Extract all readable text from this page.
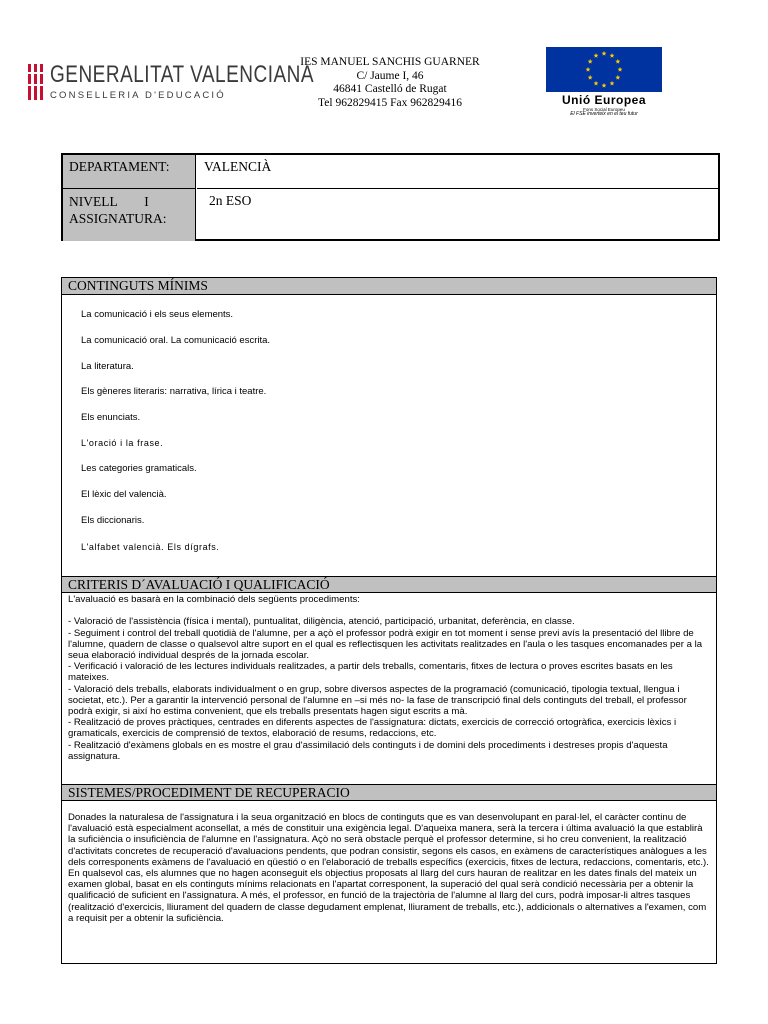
GENERALITAT VALENCIANA
CONSELLERIA D'EDUCACIÓ
IES MANUEL SANCHIS GUARNER
C/ Jaume I, 46
46841 Castelló de Rugat
Tel 962829415 Fax 962829416	Unió Europea
Fons Social Europeu
El FSE inverteix en el teu futur
DEPARTAMENT:	VALENCIÀ
NIVELL        I
ASSIGNATURA:
2n ESO
CONTINGUTS MÍNIMS
La comunicació i els seus elements.
La comunicació oral. La comunicació escrita.
La literatura.
Els gèneres literaris: narrativa, lírica i teatre.
Els enunciats.
L'oració i la frase.
Les categories gramaticals.
El lèxic del valencià.
Els diccionaris.
L'alfabet valencià. Els dígrafs.
CRITERIS D´AVALUACIÓ I QUALIFICACIÓ

L'avaluació es basarà en la combinació dels següents procediments:

- Valoració de l'assistència (física i mental), puntualitat, diligència, atenció, participació, urbanitat, deferència, en classe.

- Seguiment i control del treball quotidià de l'alumne, per a açò el professor podrà exigir en tot moment i sense previ avís la presentació del llibre de l'alumne, quadern de classe o qualsevol altre suport en el qual es reflectisquen les activitats realitzades en l'aula o les tasques encomanades per a la seua elaboració individual després de la jornada escolar.

- Verificació i valoració de les lectures individuals realitzades, a partir dels treballs, comentaris, fitxes de lectura o proves escrites basats en les mateixes.

- Valoració dels treballs, elaborats individualment o en grup, sobre diversos aspectes de la programació (comunicació, tipologia textual, llengua i societat, etc.). Per a garantir la intervenció personal de l'alumne en –si més no- la fase de transcripció final dels continguts del treball, el professor podrà exigir, si així ho estima convenient, que els treballs presentats hagen sigut escrits a mà.

- Realització de proves pràctiques, centrades en diferents aspectes de l'assignatura: dictats, exercicis de correcció ortogràfica, exercicis lèxics i gramaticals, exercicis de comprensió de textos, elaboració de resums, redaccions, etc.

- Realització d'exàmens globals en es mostre el grau d'assimilació dels continguts i de domini dels procediments i destreses propis d'aquesta assignatura.

SISTEMES/PROCEDIMENT DE RECUPERACIO

Donades la naturalesa de l'assignatura i la seua organització en blocs de continguts que es van desenvolupant en paral·lel, el caràcter continu de l'avaluació està especialment aconsellat, a més de constituir una exigència legal. D'aqueixa manera, serà la tercera i última avaluació la que establirà la suficiència o insuficiència de l'alumne en l'assignatura. Açò no serà obstacle perquè el professor determine, si ho creu convenient, la realització d'activitats concretes de recuperació d'avaluacions pendents, que podran consistir, segons els casos, en exàmens de característiques anàlogues a les dels corresponents exàmens de l'avaluació en qüestió o en l'elaboració de treballs específics (exercicis, fitxes de lectura, redaccions, comentaris, etc.).

En qualsevol cas, els alumnes que no hagen aconseguit els objectius proposats al llarg del curs hauran de realitzar en les dates finals del mateix un examen global, basat en els continguts mínims relacionats en l'apartat corresponent, la superació del qual serà condició necessària per a obtenir la qualificació de suficient en l'assignatura. A més, el professor, en funció de la trajectòria de l'alumne al llarg del curs, podrà imposar-li altres tasques (realització d'exercicis, lliurament del quadern de classe degudament emplenat, lliurament de treballs, etc.), addicionals o alternatives a l'examen, com a requisit per a obtenir la suficiència.
